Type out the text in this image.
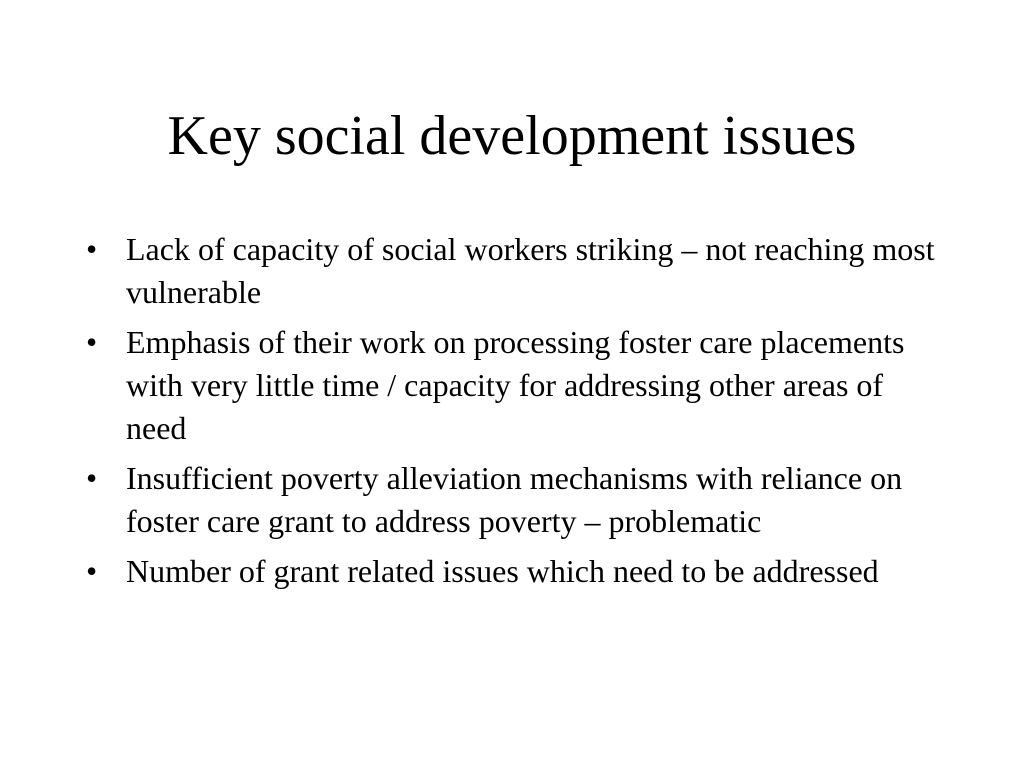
Key social development issues
• Lack of capacity of social workers striking – not reaching most vulnerable
• Emphasis of their work on processing foster care placements with very little time / capacity for addressing other areas of need
• Insufficient poverty alleviation mechanisms with reliance on foster care grant to address poverty – problematic
• Number of grant related issues which need to be addressed
